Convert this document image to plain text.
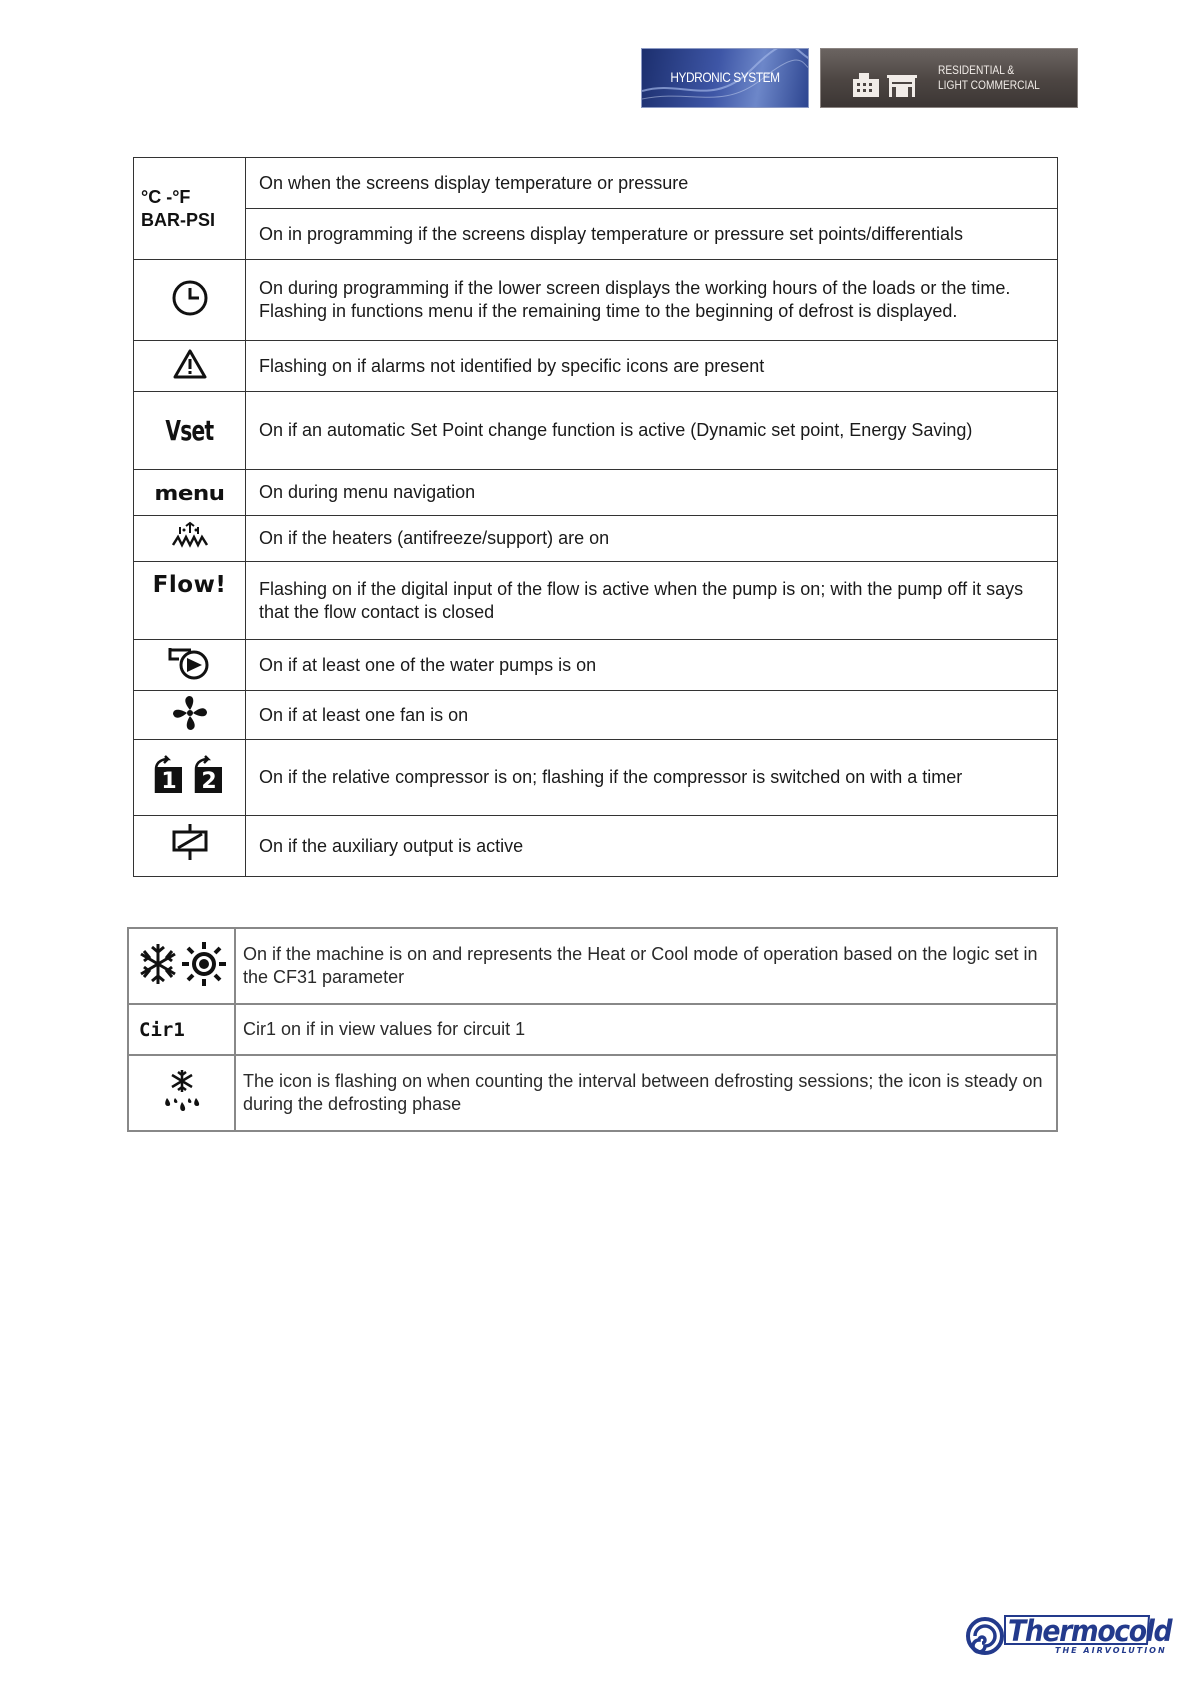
HYDRONIC SYSTEM	RESIDENTIAL &
LIGHT COMMERCIAL
°C -°F
BAR-PSI	On when the screens display temperature or pressure
	On in programming if the screens display temperature or pressure set points/differentials
	On during programming if the lower screen displays the working hours of the loads or the time. Flashing in functions menu if the remaining time to the beginning of defrost is displayed.
	Flashing on if alarms not identified by specific icons are present
Vset	On if an automatic Set Point change function is active (Dynamic set point, Energy Saving)
menu	On during menu navigation
	On if the heaters (antifreeze/support) are on
Flow!	Flashing on if the digital input of the flow is active when the pump is on; with the pump off it says that the flow contact is closed
	On if at least one of the water pumps is on
	On if at least one fan is on

1 2	On if the relative compressor is on; flashing if the compressor is switched on with a timer
	On if the auxiliary output is active
	On if the machine is on and represents the Heat or Cool mode of operation based on the logic set in the CF31 parameter
Cir1	Cir1 on if in view values for circuit 1
	The icon is flashing on when counting the interval between defrosting sessions; the icon is steady on during the defrosting phase
Thermocold
THE AIRVOLUTION
